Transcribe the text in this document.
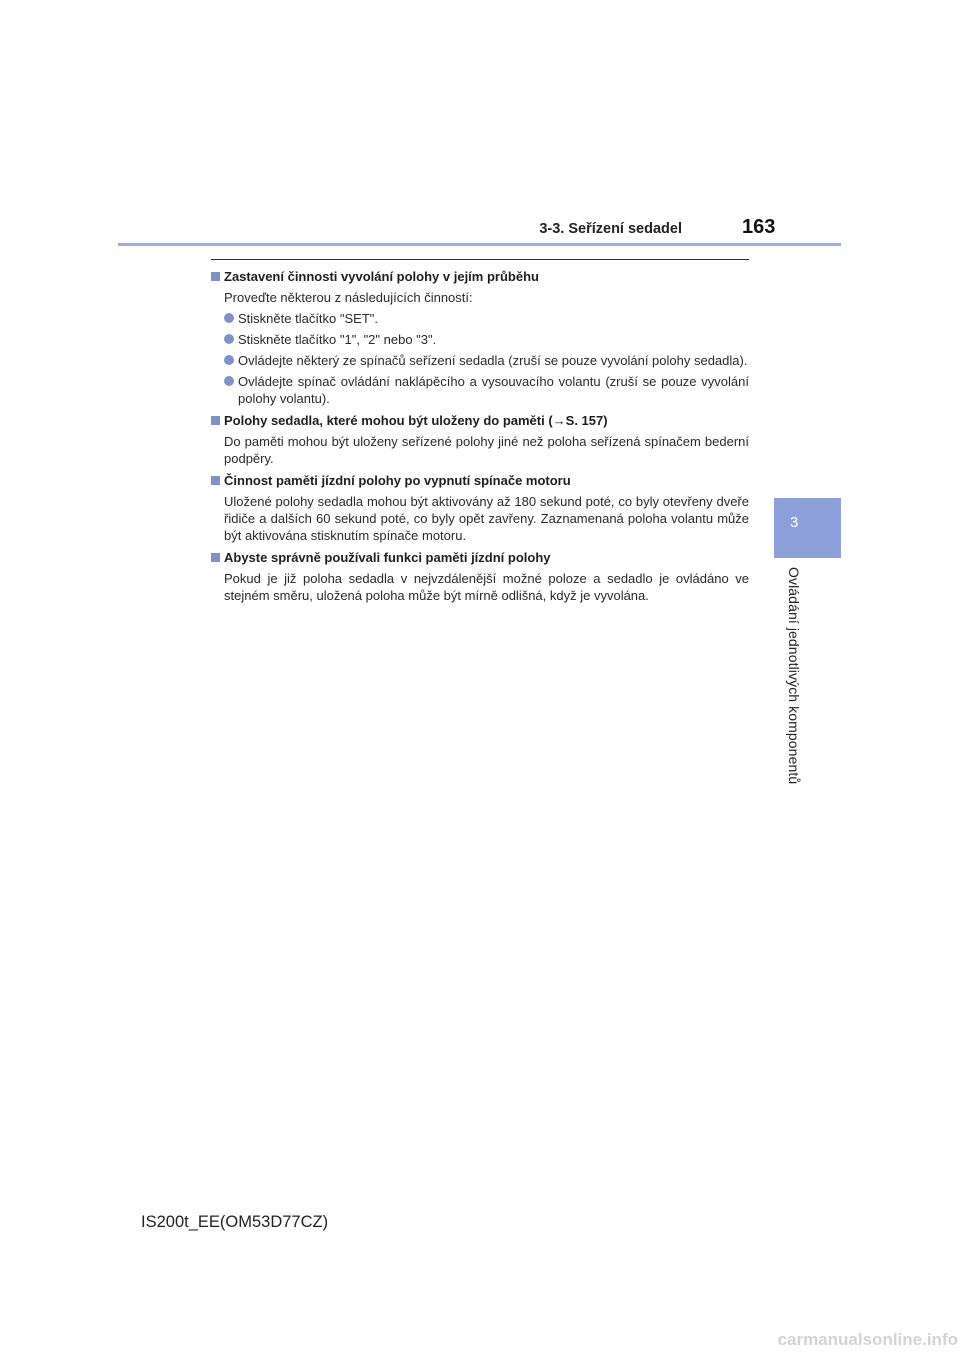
3-3. Seřízení sedadel	163
3
Ovládání jednotlivých komponentů
Zastavení činnosti vyvolání polohy v jejím průběhu
Proveďte některou z následujících činností:
Stiskněte tlačítko "SET".
Stiskněte tlačítko "1", "2" nebo "3".
Ovládejte některý ze spínačů seřízení sedadla (zruší se pouze vyvolání polohy sedadla).
Ovládejte spínač ovládání naklápěcího a vysouvacího volantu (zruší se pouze vyvolání polohy volantu).
Polohy sedadla, které mohou být uloženy do paměti (→S. 157)
Do paměti mohou být uloženy seřízené polohy jiné než poloha seřízená spínačem bederní podpěry.
Činnost paměti jízdní polohy po vypnutí spínače motoru
Uložené polohy sedadla mohou být aktivovány až 180 sekund poté, co byly otevřeny dveře řidiče a dalších 60 sekund poté, co byly opět zavřeny. Zaznamenaná poloha volantu může být aktivována stisknutím spínače motoru.
Abyste správně používali funkci paměti jízdní polohy
Pokud je již poloha sedadla v nejvzdálenější možné poloze a sedadlo je ovládáno ve stejném směru, uložená poloha může být mírně odlišná, když je vyvolána.
IS200t_EE(OM53D77CZ)
carmanualsonline.info
